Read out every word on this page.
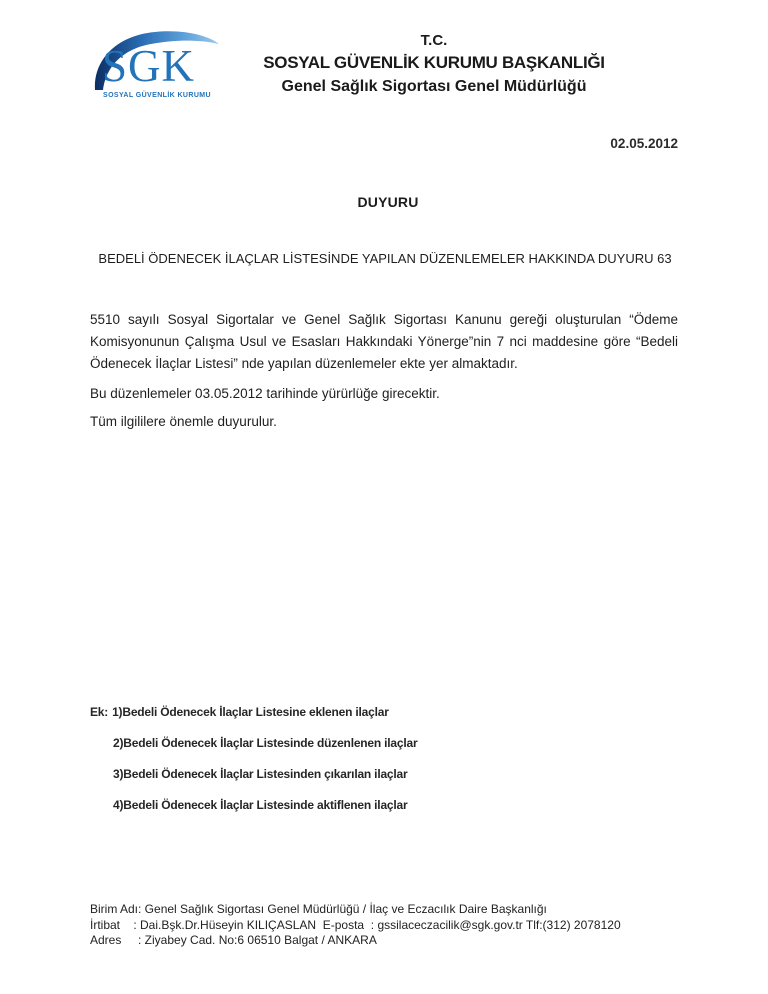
SGK
SOSYAL GÜVENLİK KURUMU
T.C.
SOSYAL GÜVENLİK KURUMU BAŞKANLIĞI
Genel Sağlık Sigortası Genel Müdürlüğü
02.05.2012
DUYURU
BEDELİ ÖDENECEK İLAÇLAR LİSTESİNDE YAPILAN DÜZENLEMELER HAKKINDA DUYURU 63
5510 sayılı Sosyal Sigortalar ve Genel Sağlık Sigortası Kanunu gereği oluşturulan “Ödeme Komisyonunun Çalışma Usul ve Esasları Hakkındaki Yönerge”nin 7 nci maddesine göre “Bedeli Ödenecek İlaçlar Listesi” nde yapılan düzenlemeler ekte yer almaktadır.
Bu düzenlemeler 03.05.2012 tarihinde yürürlüğe girecektir.
Tüm ilgililere önemle duyurulur.
Ek: 1)Bedeli Ödenecek İlaçlar Listesine eklenen ilaçlar
2)Bedeli Ödenecek İlaçlar Listesinde düzenlenen ilaçlar
3)Bedeli Ödenecek İlaçlar Listesinden çıkarılan ilaçlar
4)Bedeli Ödenecek İlaçlar Listesinde aktiflenen ilaçlar
Birim Adı: Genel Sağlık Sigortası Genel Müdürlüğü / İlaç ve Eczacılık Daire Başkanlığı
İrtibat    : Dai.Bşk.Dr.Hüseyin KILIÇASLAN  E-posta  : gssilaceczacilik@sgk.gov.tr Tlf:(312) 2078120
Adres     : Ziyabey Cad. No:6 06510 Balgat / ANKARA
